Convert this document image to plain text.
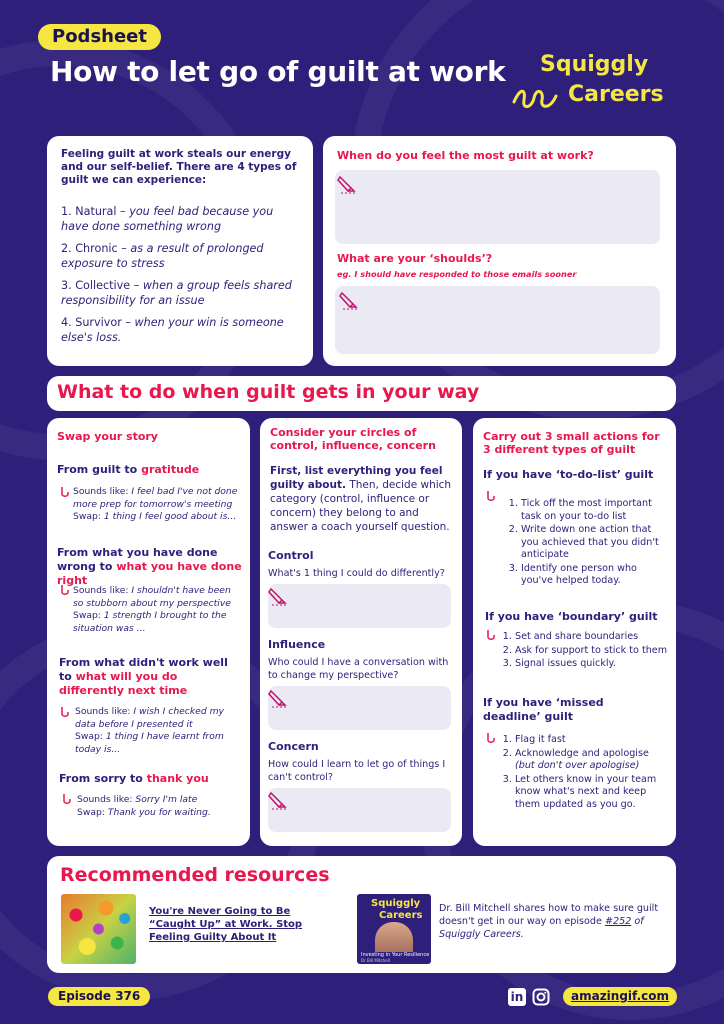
Podsheet
How to let go of guilt at work Squiggly
Careers
Feeling guilt at work steals our energy and our self-belief. There are 4 types of guilt we can experience:
1. Natural – you feel bad because you have done something wrong
2. Chronic – as a result of prolonged exposure to stress
3. Collective – when a group feels shared responsibility for an issue
4. Survivor – when your win is someone else's loss.
When do you feel the most guilt at work?
What are your ‘shoulds’?
eg. I should have responded to those emails sooner
What to do when guilt gets in your way
Swap your story
From guilt to gratitude
Sounds like: I feel bad I've not done more prep for tomorrow's meeting
Swap: 1 thing I feel good about is...
From what you have done wrong to what you have done right
Sounds like: I shouldn't have been so stubborn about my perspective
Swap: 1 strength I brought to the situation was ...
From what didn't work well to what will you do differently next time
Sounds like: I wish I checked my data before I presented it
Swap: 1 thing I have learnt from today is...
From sorry to thank you
Sounds like: Sorry I'm late
Swap: Thank you for waiting.
Consider your circles of control, influence, concern
First, list everything you feel guilty about. Then, decide which category (control, influence or concern) they belong to and answer a coach yourself question.
Control
What's 1 thing I could do differently?
Influence
Who could I have a conversation with to change my perspective?
Concern
How could I learn to let go of things I can't control?
Carry out 3 small actions for 3 different types of guilt
If you have ‘to-do-list’ guilt
1. Tick off the most important task on your to-do list
2. Write down one action that you achieved that you didn't anticipate
3. Identify one person who you've helped today.
If you have ‘boundary’ guilt
1. Set and share boundaries
2. Ask for support to stick to them
3. Signal issues quickly.
If you have ‘missed deadline’ guilt
1. Flag it fast
2. Acknowledge and apologise
(but don't over apologise)
3. Let others know in your team know what's next and keep them updated as you go.
Recommended resources
You're Never Going to Be “Caught Up” at Work. Stop Feeling Guilty About It
Squiggly
Careers
Investing in Your Resilience
Dr Bill Mitchell
Dr. Bill Mitchell shares how to make sure guilt doesn't get in our way on episode #252 of
Squiggly Careers.
Episode 376	in	amazingif.com
